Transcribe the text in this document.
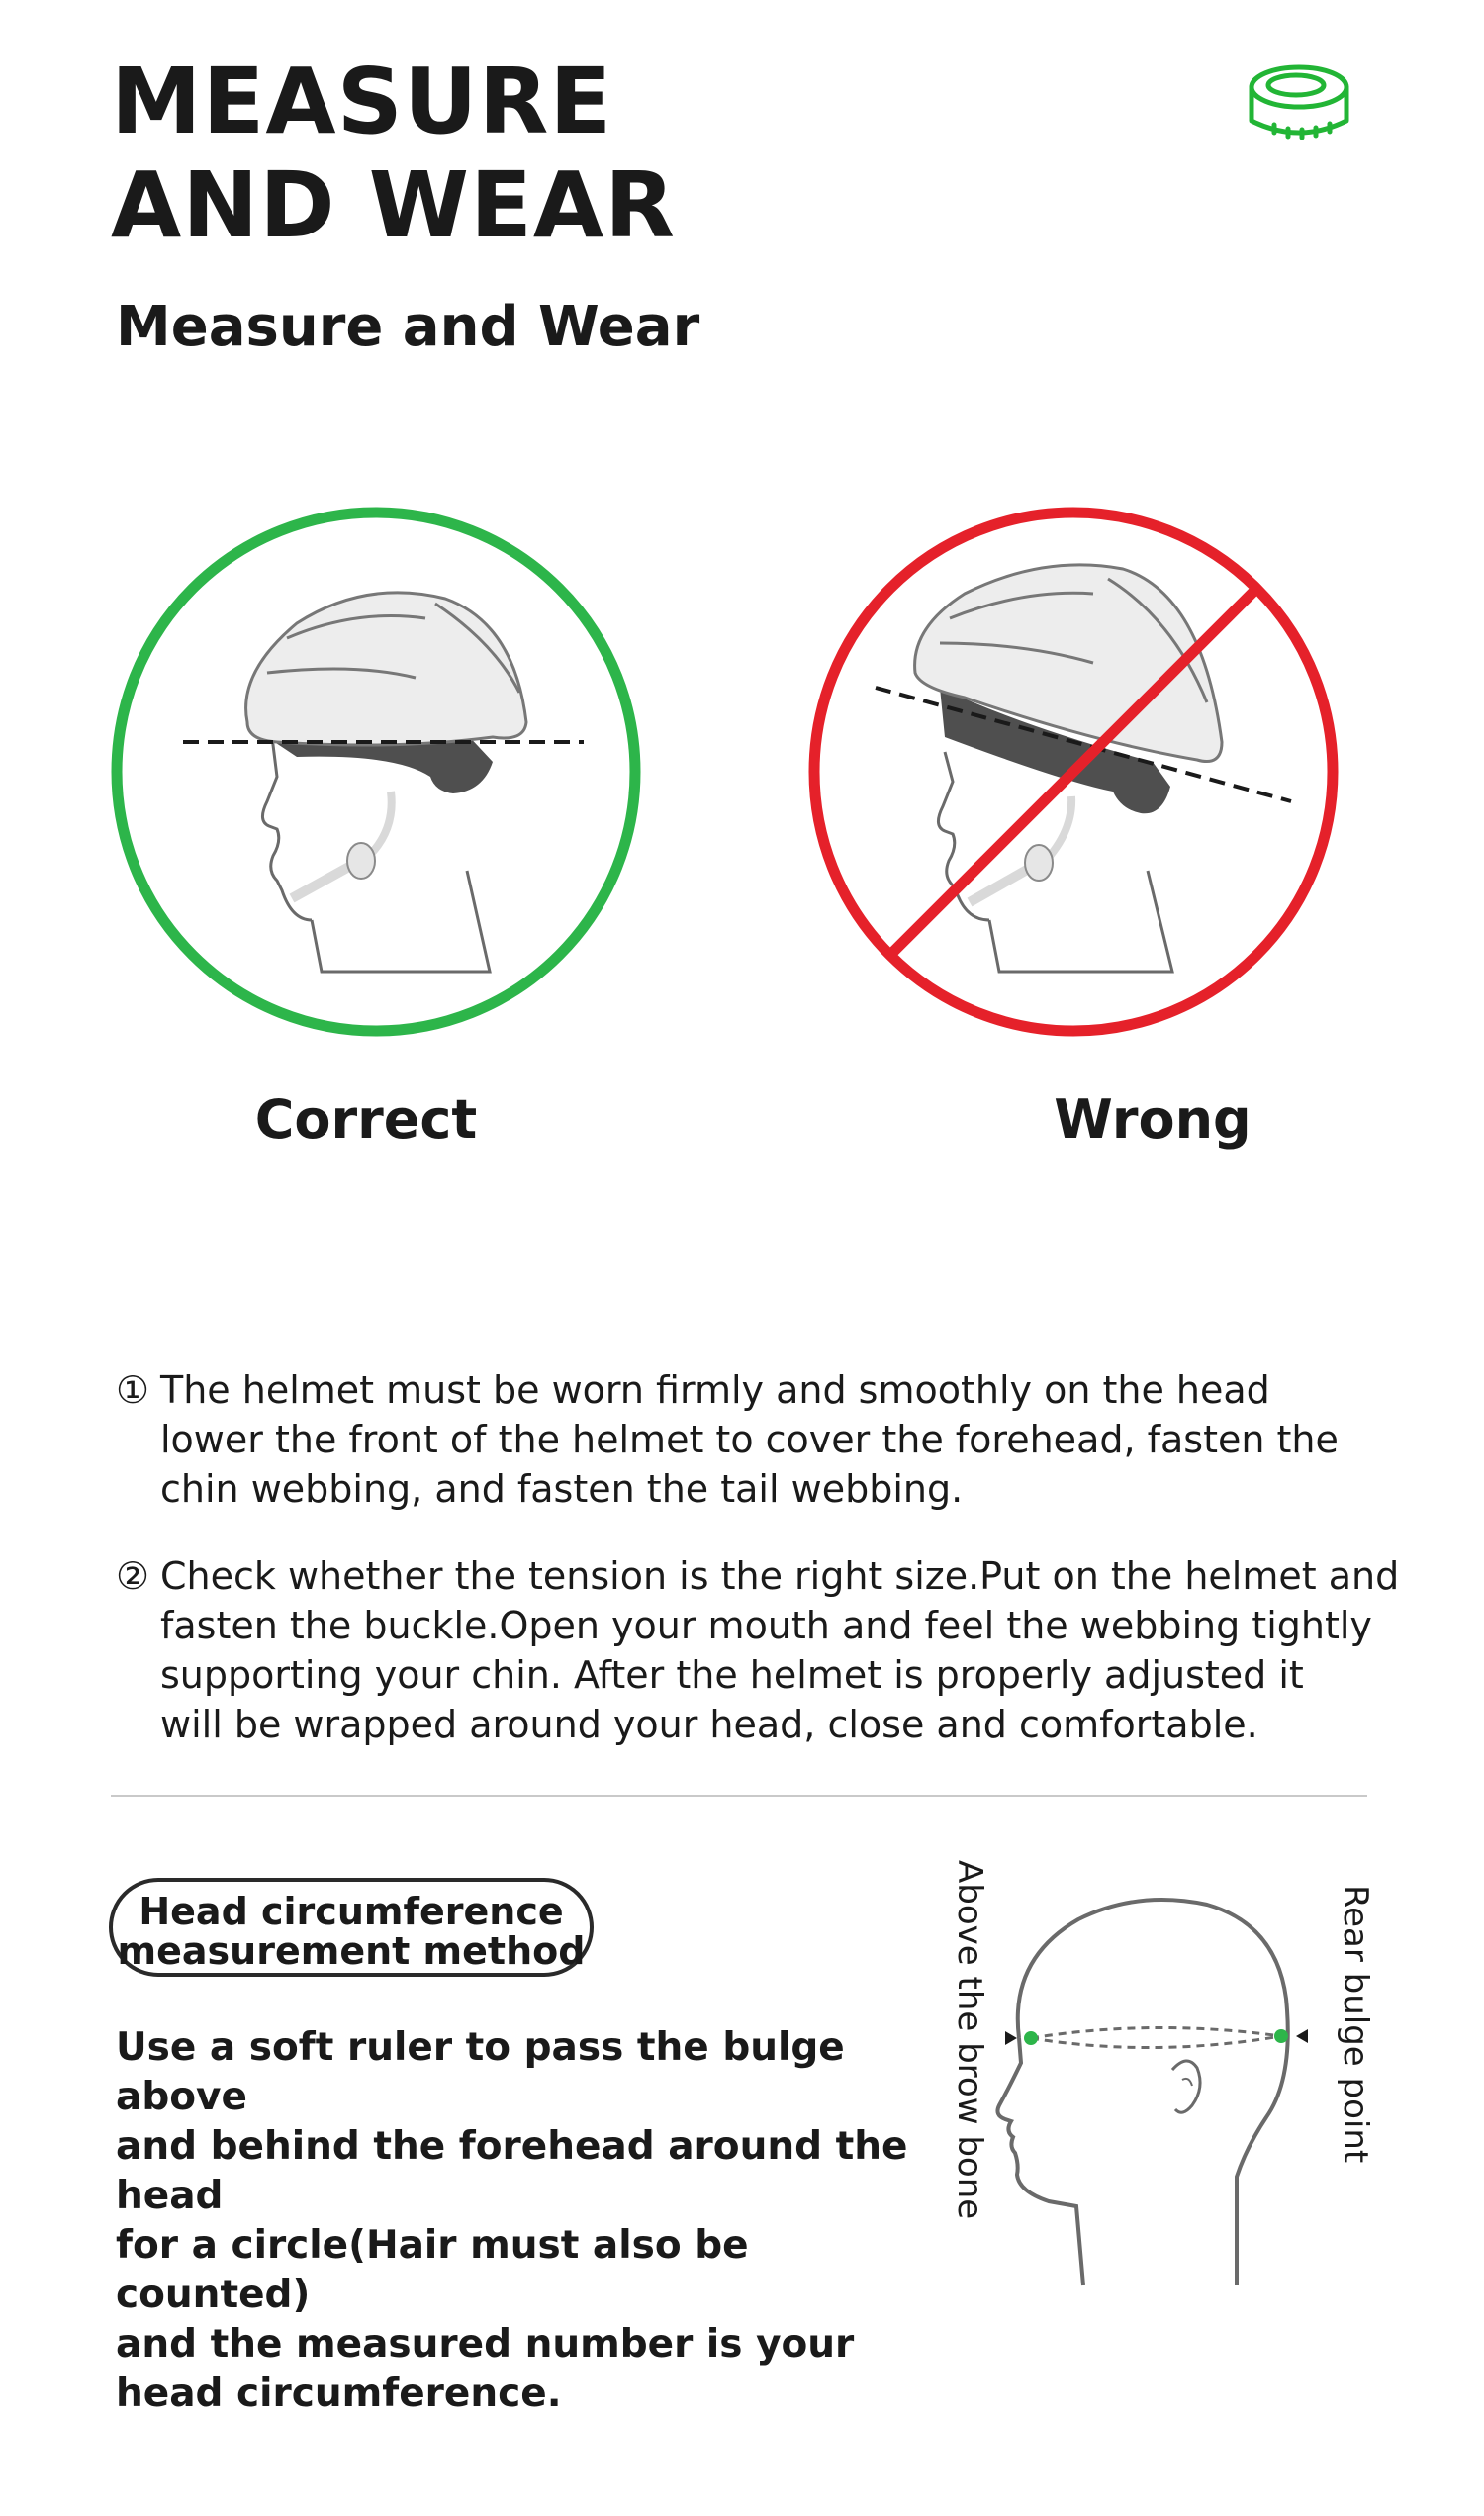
MEASURE
AND WEAR
Measure and Wear
Correct	Wrong
① The helmet must be worn firmly and smoothly on the head
lower the front of the helmet to cover the forehead, fasten the
chin webbing, and fasten the tail webbing.
② Check whether the tension is the right size.Put on the helmet and
fasten the buckle.Open your mouth and feel the webbing tightly
supporting your chin. After the helmet is properly adjusted it
will be wrapped around your head, close and comfortable.
Head circumference
measurement method
Use a soft ruler to pass the bulge above
and behind the forehead around the head
for a circle(Hair must also be counted)
and the measured number is your
head circumference.
Above the brow bone	Rear bulge point
